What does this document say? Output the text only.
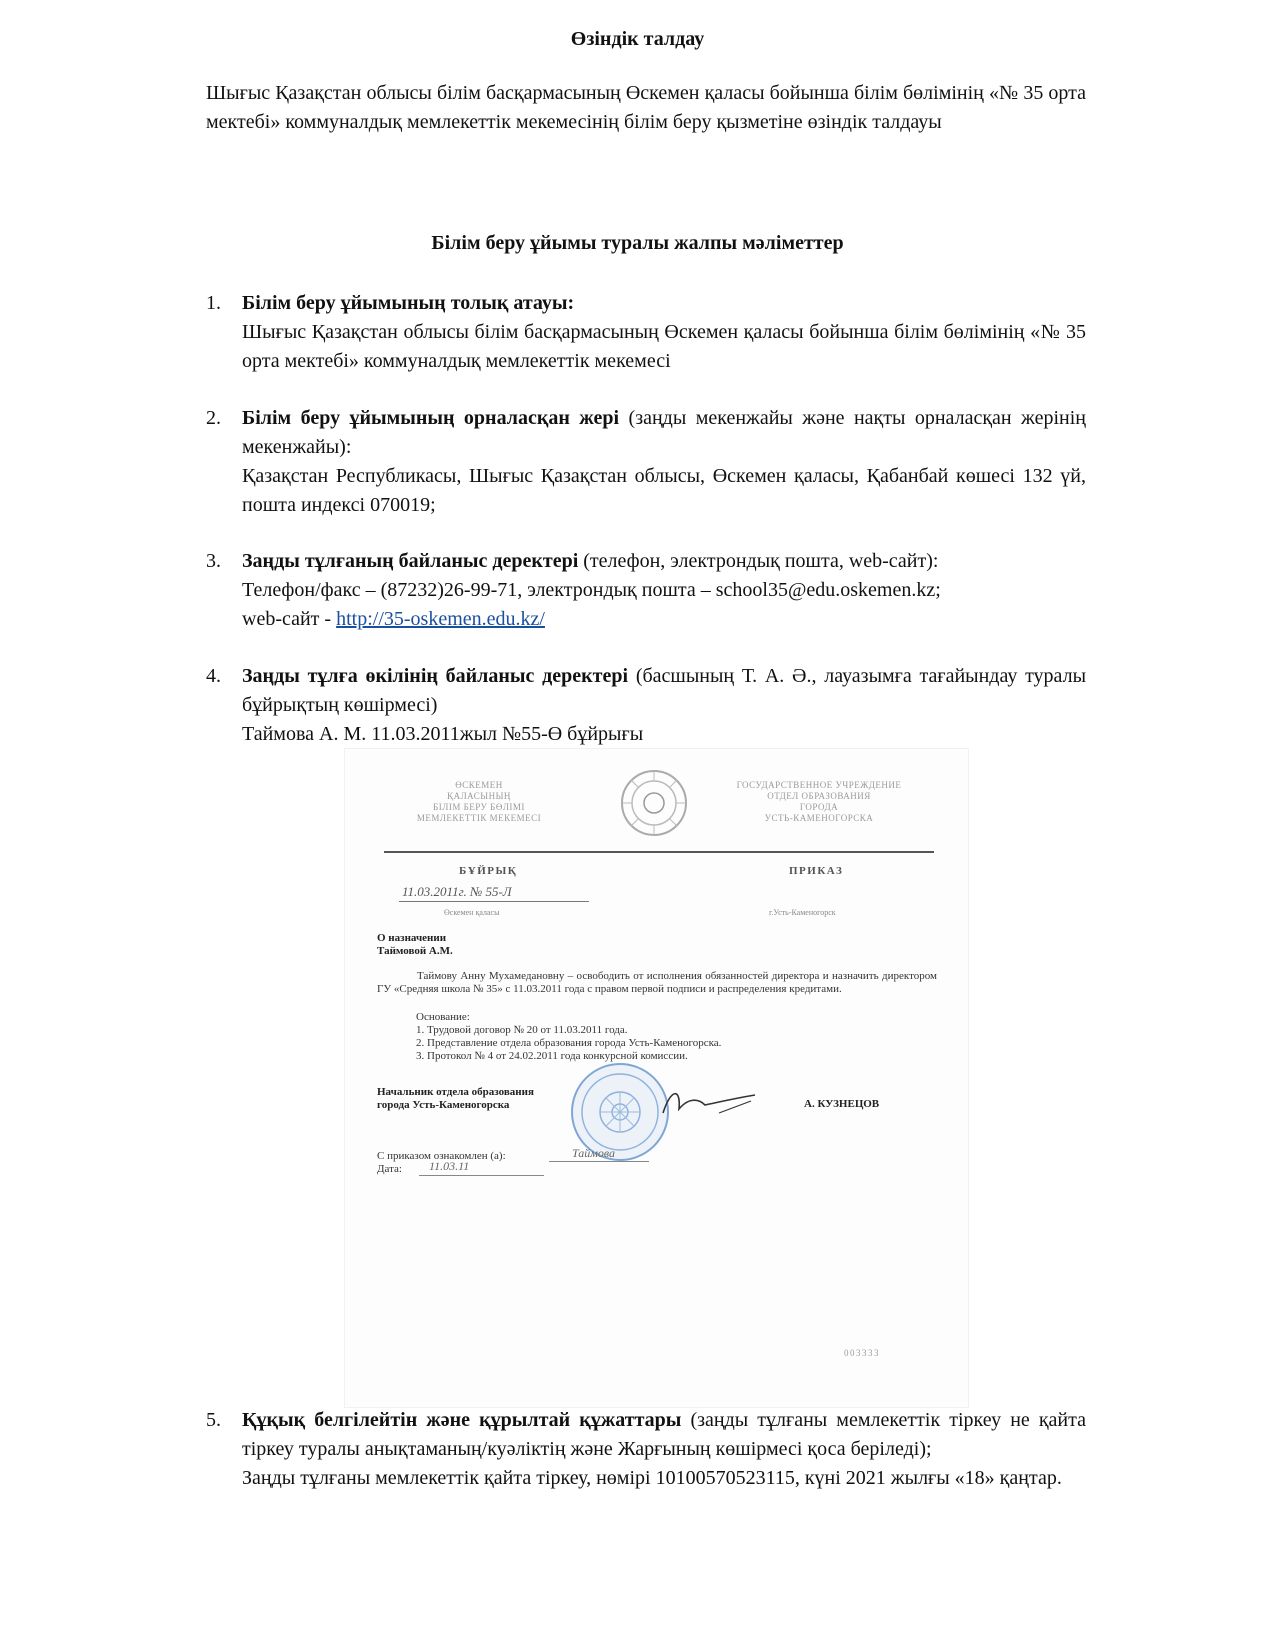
Өзіндік талдау
Шығыс Қазақстан облысы білім басқармасының Өскемен қаласы бойынша білім бөлімінің «№ 35 орта мектебі» коммуналдық мемлекеттік мекемесінің білім беру қызметіне өзіндік талдауы
Білім беру ұйымы туралы жалпы мәліметтер
1.	Білім беру ұйымының толық атауы:
Шығыс Қазақстан облысы білім басқармасының Өскемен қаласы бойынша білім бөлімінің «№ 35 орта мектебі» коммуналдық мемлекеттік мекемесі
2.	Білім беру ұйымының орналасқан жері (заңды мекенжайы және нақты орналасқан жерінің мекенжайы):
Қазақстан Республикасы, Шығыс Қазақстан облысы, Өскемен қаласы, Қабанбай көшесі 132 үй, пошта индексі 070019;
3.	Заңды тұлғаның байланыс деректері (телефон, электрондық пошта, web-сайт):
Телефон/факс – (87232)26-99-71, электрондық пошта – school35@edu.oskemen.kz;
web-сайт - http://35-oskemen.edu.kz/
4.	Заңды тұлға өкілінің байланыс деректері (басшының Т. А. Ә., лауазымға тағайындау туралы бұйрықтың көшірмесі)
Таймова А. М. 11.03.2011жыл №55-Ө бұйрығы
ӨСКЕМЕН
ҚАЛАСЫНЫҢ
БІЛІМ БЕРУ БӨЛІМІ
МЕМЛЕКЕТТІК МЕКЕМЕСІ
ГОСУДАРСТВЕННОЕ УЧРЕЖДЕНИЕ
ОТДЕЛ ОБРАЗОВАНИЯ
ГОРОДА
УСТЬ-КАМЕНОГОРСКА
БҰЙРЫҚ	ПРИКАЗ
11.03.2011г. № 55-Л
Өскемен қаласы	г.Усть-Каменогорск
О назначении
Таймовой А.М.
Таймову Анну Мухамедановну – освободить от исполнения обязанностей директора и назначить директором ГУ «Средняя школа № 35» с 11.03.2011 года с правом первой подписи и распределения кредитами.
Основание:
1. Трудовой договор № 20 от 11.03.2011 года.
2. Представление отдела образования города Усть-Каменогорска.
3. Протокол № 4 от 24.02.2011 года конкурсной комиссии.
Начальник отдела образования
города Усть-Каменогорска	А. КУЗНЕЦОВ
С приказом ознакомлен (а):
Дата:
Таймова
11.03.11
003333
5.	Құқық белгілейтін және құрылтай құжаттары (заңды тұлғаны мемлекеттік тіркеу не қайта тіркеу туралы анықтаманың/куәліктің және Жарғының көшірмесі қоса беріледі);
Заңды тұлғаны мемлекеттік қайта тіркеу, нөмірі 10100570523115, күні 2021 жылғы «18» қаңтар.
